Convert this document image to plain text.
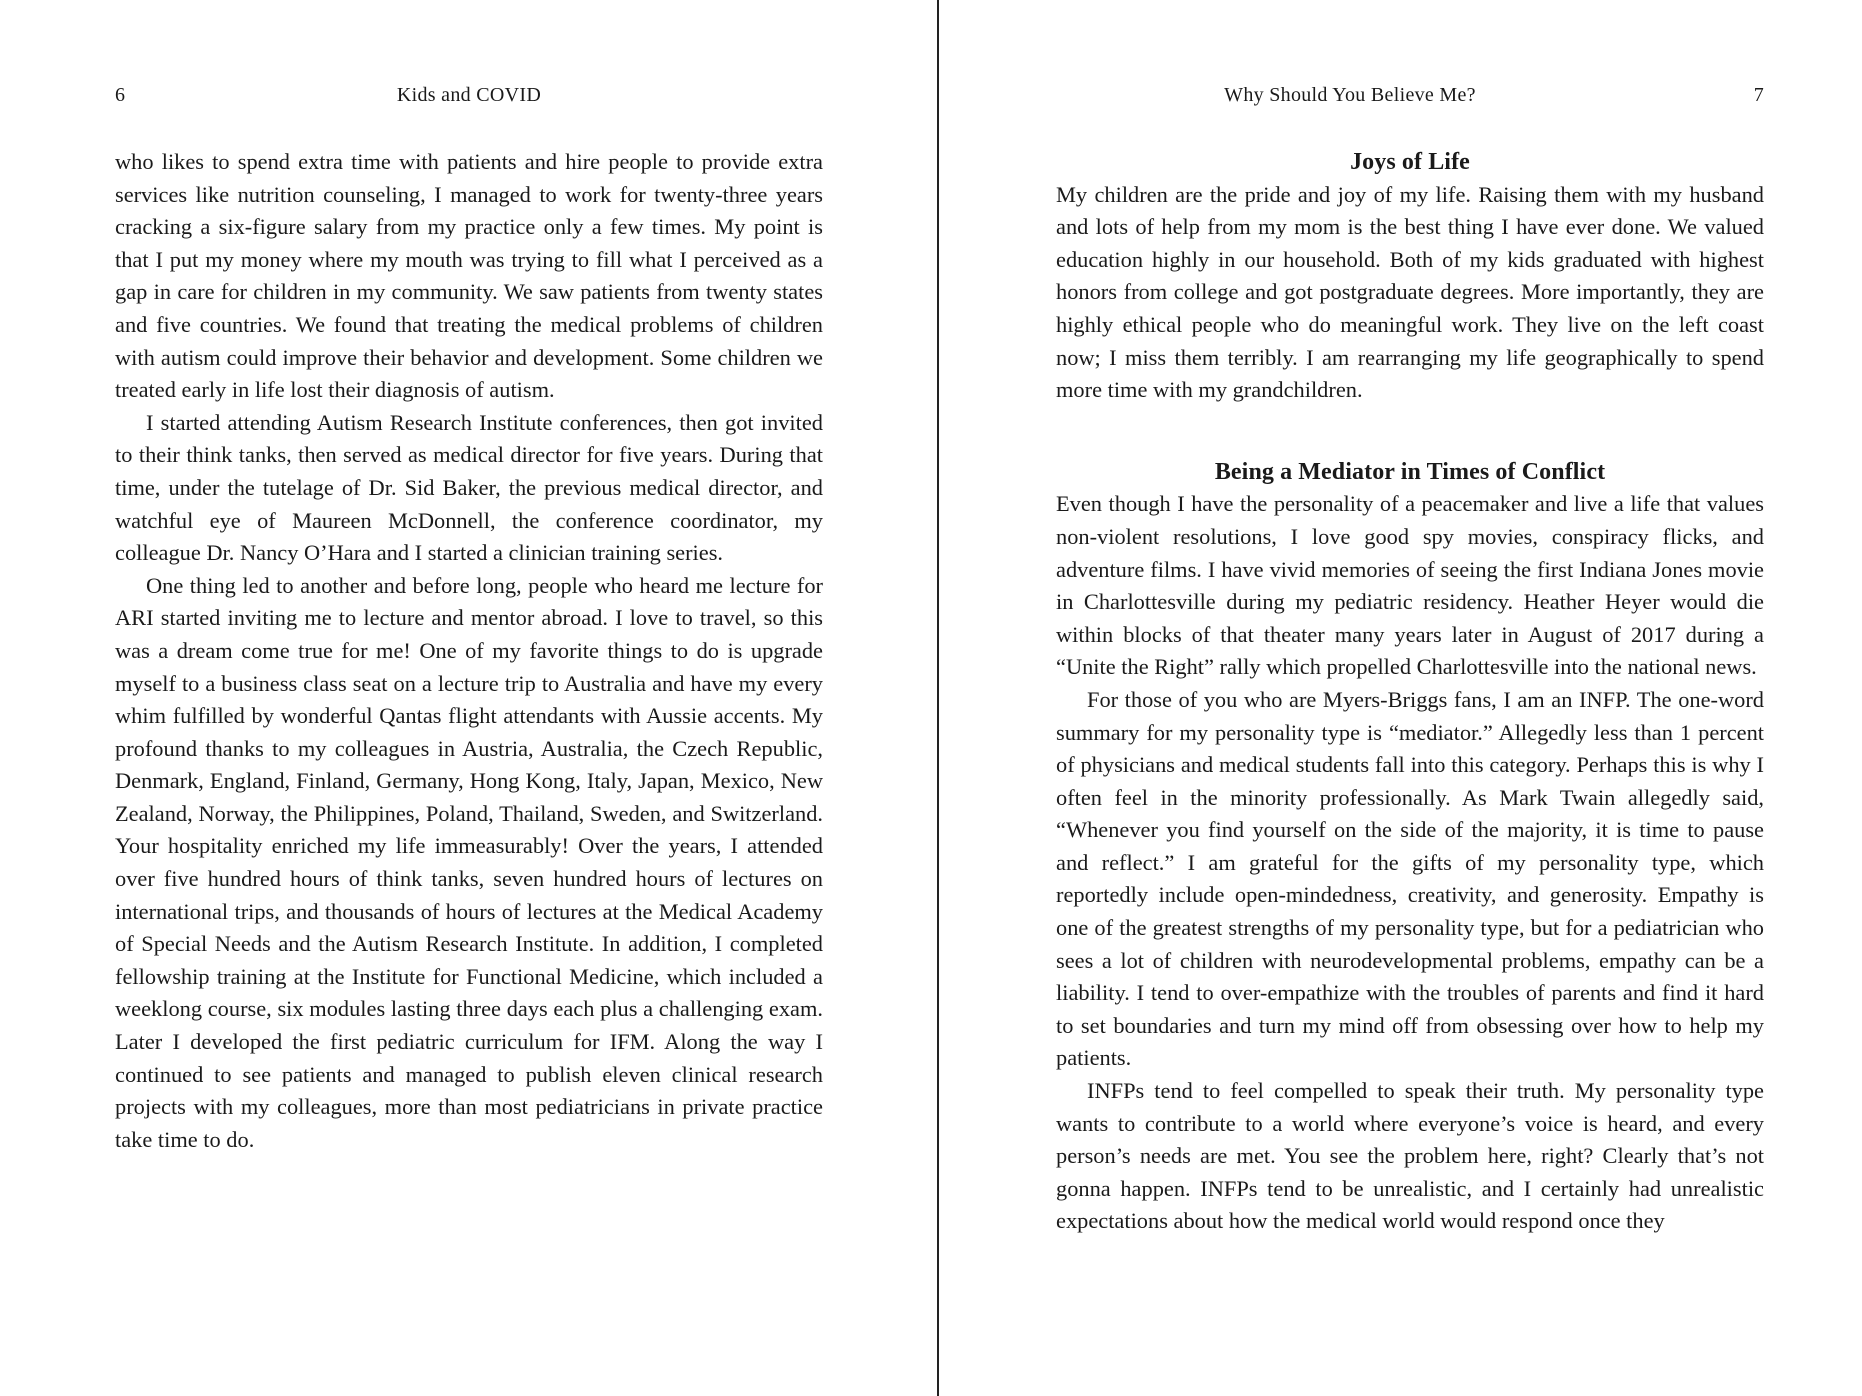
6	Kids and COVID

who likes to spend extra time with patients and hire people to provide extra services like nutrition counseling, I managed to work for twenty-three years cracking a six-figure salary from my practice only a few times. My point is that I put my money where my mouth was trying to fill what I perceived as a gap in care for children in my community. We saw patients from twenty states and five countries. We found that treating the medical problems of children with autism could improve their behavior and development. Some children we treated early in life lost their diagnosis of autism.

I started attending Autism Research Institute conferences, then got invited to their think tanks, then served as medical director for five years. During that time, under the tutelage of Dr. Sid Baker, the previous medical director, and watchful eye of Maureen McDonnell, the conference coordinator, my colleague Dr. Nancy O’Hara and I started a clinician training series.

One thing led to another and before long, people who heard me lecture for ARI started inviting me to lecture and mentor abroad. I love to travel, so this was a dream come true for me! One of my favorite things to do is upgrade myself to a business class seat on a lecture trip to Australia and have my every whim fulfilled by wonderful Qantas flight attendants with Aussie accents. My profound thanks to my colleagues in Austria, Australia, the Czech Republic, Denmark, England, Finland, Germany, Hong Kong, Italy, Japan, Mexico, New Zealand, Norway, the Philippines, Poland, Thailand, Sweden, and Switzerland. Your hospitality enriched my life immeasurably! Over the years, I attended over five hundred hours of think tanks, seven hundred hours of lectures on international trips, and thousands of hours of lectures at the Medical Academy of Special Needs and the Autism Research Institute. In addition, I completed fellowship training at the Institute for Functional Medicine, which included a weeklong course, six modules lasting three days each plus a challenging exam. Later I developed the first pediatric curriculum for IFM. Along the way I continued to see patients and managed to publish eleven clinical research projects with my colleagues, more than most pediatricians in private practice take time to do.

Why Should You Believe Me?	7
Joys of Life

My children are the pride and joy of my life. Raising them with my husband and lots of help from my mom is the best thing I have ever done. We valued education highly in our household. Both of my kids graduated with highest honors from college and got postgraduate degrees. More importantly, they are highly ethical people who do meaningful work. They live on the left coast now; I miss them terribly. I am rearranging my life geographically to spend more time with my grandchildren.

Being a Mediator in Times of Conflict

Even though I have the personality of a peacemaker and live a life that values non-violent resolutions, I love good spy movies, conspiracy flicks, and adventure films. I have vivid memories of seeing the first Indiana Jones movie in Charlottesville during my pediatric residency. Heather Heyer would die within blocks of that theater many years later in August of 2017 during a “Unite the Right” rally which propelled Charlottesville into the national news.

For those of you who are Myers-Briggs fans, I am an INFP. The one-word summary for my personality type is “mediator.” Allegedly less than 1 percent of physicians and medical students fall into this category. Perhaps this is why I often feel in the minority professionally. As Mark Twain allegedly said, “Whenever you find yourself on the side of the majority, it is time to pause and reflect.” I am grateful for the gifts of my personality type, which reportedly include open-mindedness, creativity, and generosity. Empathy is one of the greatest strengths of my personality type, but for a pediatrician who sees a lot of children with neurodevelopmental problems, empathy can be a liability. I tend to over-empathize with the troubles of parents and find it hard to set boundaries and turn my mind off from obsessing over how to help my patients.

INFPs tend to feel compelled to speak their truth. My personality type wants to contribute to a world where everyone’s voice is heard, and every person’s needs are met. You see the problem here, right? Clearly that’s not gonna happen. INFPs tend to be unrealistic, and I certainly had unrealistic expectations about how the medical world would respond once they
